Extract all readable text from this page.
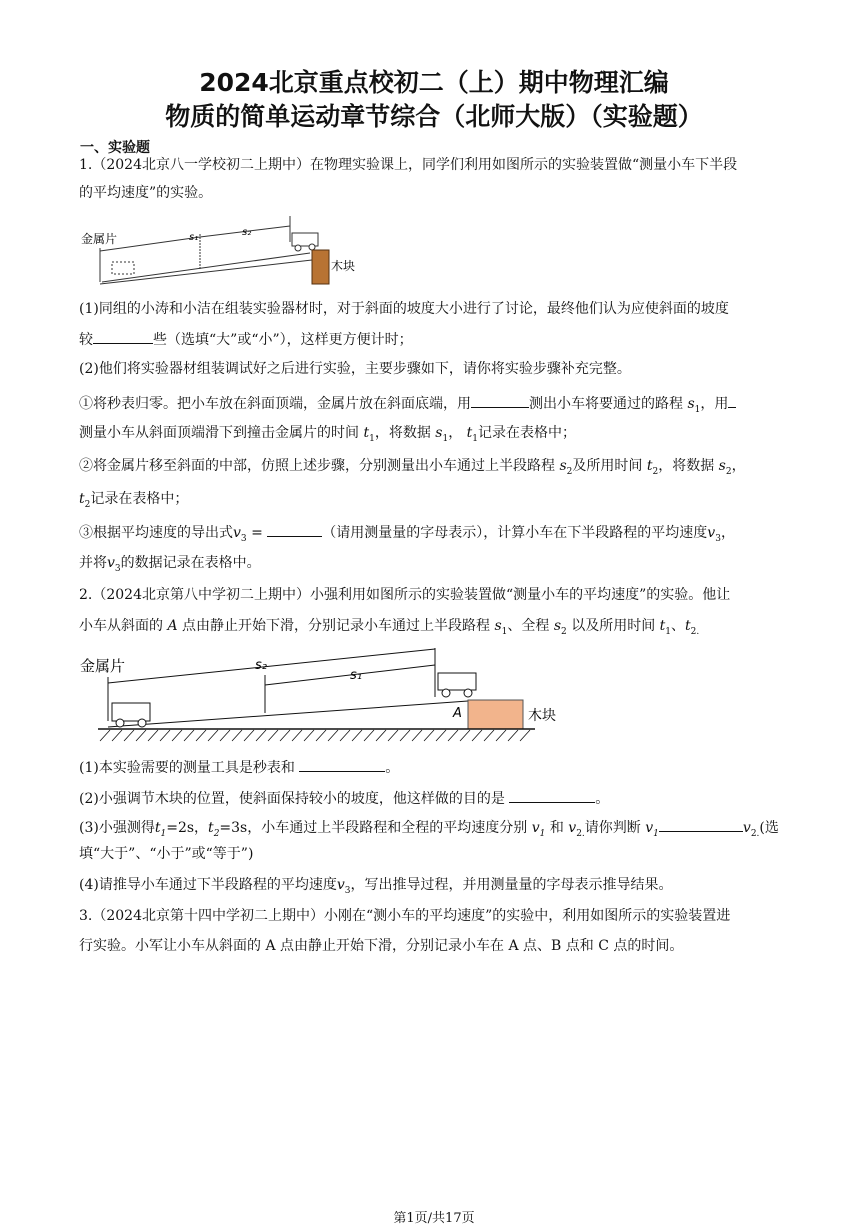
2024北京重点校初二（上）期中物理汇编
物质的简单运动章节综合（北师大版）（实验题）
一、实验题
1.（2024北京八一学校初二上期中）在物理实验课上，同学们利用如图所示的实验装置做“测量小车下半段
的平均速度”的实验。
金属片	s₁	s₂
木块
(1)同组的小涛和小洁在组装实验器材时，对于斜面的坡度大小进行了讨论，最终他们认为应使斜面的坡度
较	些（选填“大”或“小”），这样更方便计时；
(2)他们将实验器材组装调试好之后进行实验，主要步骤如下，请你将实验步骤补充完整。
①将秒表归零。把小车放在斜面顶端，金属片放在斜面底端，用	测出小车将要通过的路程 $s_1$，用
测量小车从斜面顶端滑下到撞击金属片的时间 $t_1$，将数据 $s_1$， $t_1$记录在表格中；
②将金属片移至斜面的中部，仿照上述步骤，分别测量出小车通过上半段路程 $s_2$及所用时间 $t_2$，将数据 $s_2$，
$t_2$记录在表格中；
③根据平均速度的导出式$v_3$ =	（请用测量量的字母表示），计算小车在下半段路程的平均速度$v_3$，
并将$v_3$的数据记录在表格中。
2.（2024北京第八中学初二上期中）小强利用如图所示的实验装置做“测量小车的平均速度”的实验。他让
小车从斜面的 A 点由静止开始下滑，分别记录小车通过上半段路程 $s_1$、全程 $s_2$ 以及所用时间 $t_1$、$t_{2.}$
金属片	s₂
s₁
A	木块
(1)本实验需要的测量工具是秒表和	。
(2)小强调节木块的位置，使斜面保持较小的坡度，他这样做的目的是	。
(3)小强测得$t_1=2s$，$t_2=3s$，小车通过上半段路程和全程的平均速度分别 $v_1$ 和 $v_{2.}$请你判断 $v_1$	$v_{2.}$(选
填“大于”、“小于”或“等于”)
(4)请推导小车通过下半段路程的平均速度$v_3$，写出推导过程，并用测量量的字母表示推导结果。
3.（2024北京第十四中学初二上期中）小刚在“测小车的平均速度”的实验中，利用如图所示的实验装置进
行实验。小军让小车从斜面的 A 点由静止开始下滑，分别记录小车在 A 点、B 点和 C 点的时间。
第1页/共17页
